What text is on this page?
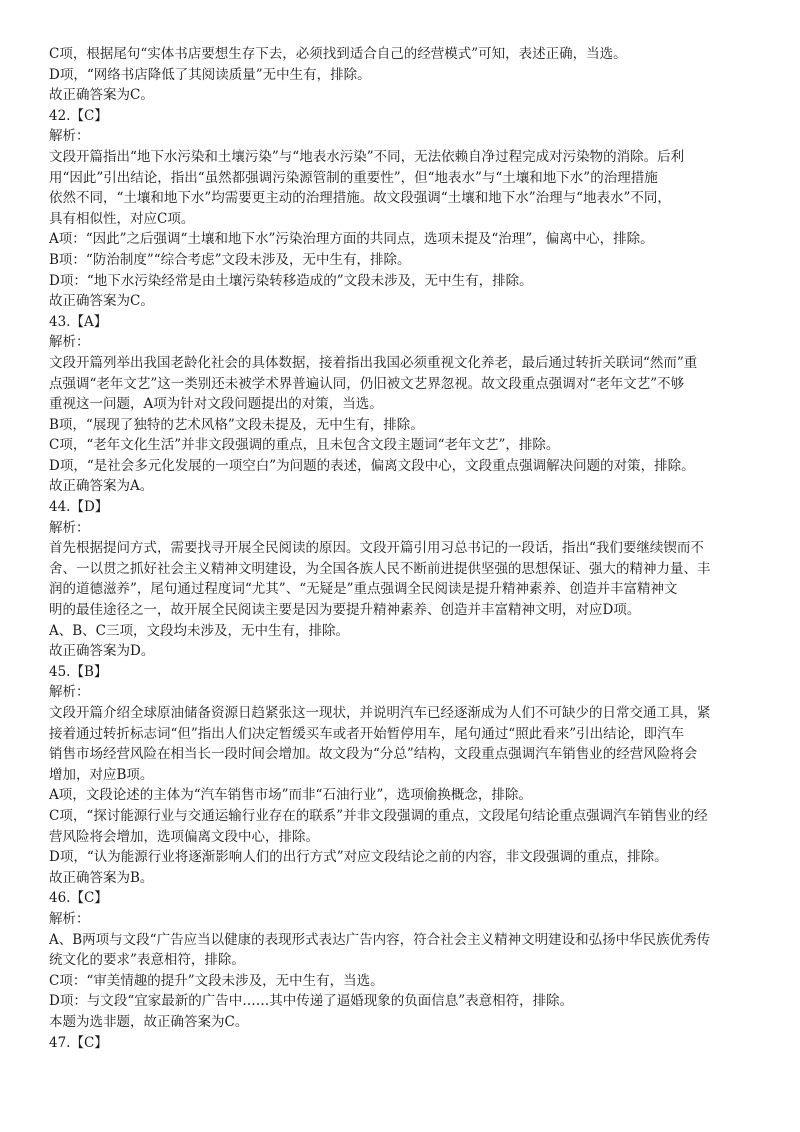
C项，根据尾句“实体书店要想生存下去，必须找到适合自己的经营模式”可知，表述正确，当选。
D项，“网络书店降低了其阅读质量”无中生有，排除。
故正确答案为C。
42.【C】
解析：
文段开篇指出“地下水污染和土壤污染”与“地表水污染”不同，无法依赖自净过程完成对污染物的消除。后利
用“因此”引出结论，指出“虽然都强调污染源管制的重要性”，但“地表水”与“土壤和地下水”的治理措施
依然不同，“土壤和地下水”均需要更主动的治理措施。故文段强调“土壤和地下水”治理与“地表水”不同，
具有相似性，对应C项。
A项：“因此”之后强调“土壤和地下水”污染治理方面的共同点，选项未提及“治理”，偏离中心，排除。
B项：“防治制度”“综合考虑”文段未涉及，无中生有，排除。
D项：“地下水污染经常是由土壤污染转移造成的”文段未涉及，无中生有，排除。
故正确答案为C。
43.【A】
解析：
文段开篇列举出我国老龄化社会的具体数据，接着指出我国必须重视文化养老，最后通过转折关联词“然而”重
点强调“老年文艺”这一类别还未被学术界普遍认同，仍旧被文艺界忽视。故文段重点强调对“老年文艺”不够
重视这一问题，A项为针对文段问题提出的对策，当选。
B项，“展现了独特的艺术风格”文段未提及，无中生有，排除。
C项，“老年文化生活”并非文段强调的重点，且未包含文段主题词“老年文艺”，排除。
D项，“是社会多元化发展的一项空白”为问题的表述，偏离文段中心，文段重点强调解决问题的对策，排除。
故正确答案为A。
44.【D】
解析：
首先根据提问方式，需要找寻开展全民阅读的原因。文段开篇引用习总书记的一段话，指出“我们要继续锲而不
舍、一以贯之抓好社会主义精神文明建设，为全国各族人民不断前进提供坚强的思想保证、强大的精神力量、丰
润的道德滋养”，尾句通过程度词“尤其”、“无疑是”重点强调全民阅读是提升精神素养、创造并丰富精神文
明的最佳途径之一，故开展全民阅读主要是因为要提升精神素养、创造并丰富精神文明，对应D项。
A、B、C三项，文段均未涉及，无中生有，排除。
故正确答案为D。
45.【B】
解析：
文段开篇介绍全球原油储备资源日趋紧张这一现状，并说明汽车已经逐渐成为人们不可缺少的日常交通工具，紧
接着通过转折标志词“但”指出人们决定暂缓买车或者开始暂停用车，尾句通过“照此看来”引出结论，即汽车
销售市场经营风险在相当长一段时间会增加。故文段为“分总”结构，文段重点强调汽车销售业的经营风险将会
增加，对应B项。
A项，文段论述的主体为“汽车销售市场”而非“石油行业”，选项偷换概念，排除。
C项，“探讨能源行业与交通运输行业存在的联系”并非文段强调的重点，文段尾句结论重点强调汽车销售业的经
营风险将会增加，选项偏离文段中心，排除。
D项，“认为能源行业将逐渐影响人们的出行方式”对应文段结论之前的内容，非文段强调的重点，排除。
故正确答案为B。
46.【C】
解析：
A、B两项与文段“广告应当以健康的表现形式表达广告内容，符合社会主义精神文明建设和弘扬中华民族优秀传
统文化的要求”表意相符，排除。
C项：“审美情趣的提升”文段未涉及，无中生有，当选。
D项：与文段“宜家最新的广告中……其中传递了逼婚现象的负面信息”表意相符，排除。
本题为选非题，故正确答案为C。
47.【C】
